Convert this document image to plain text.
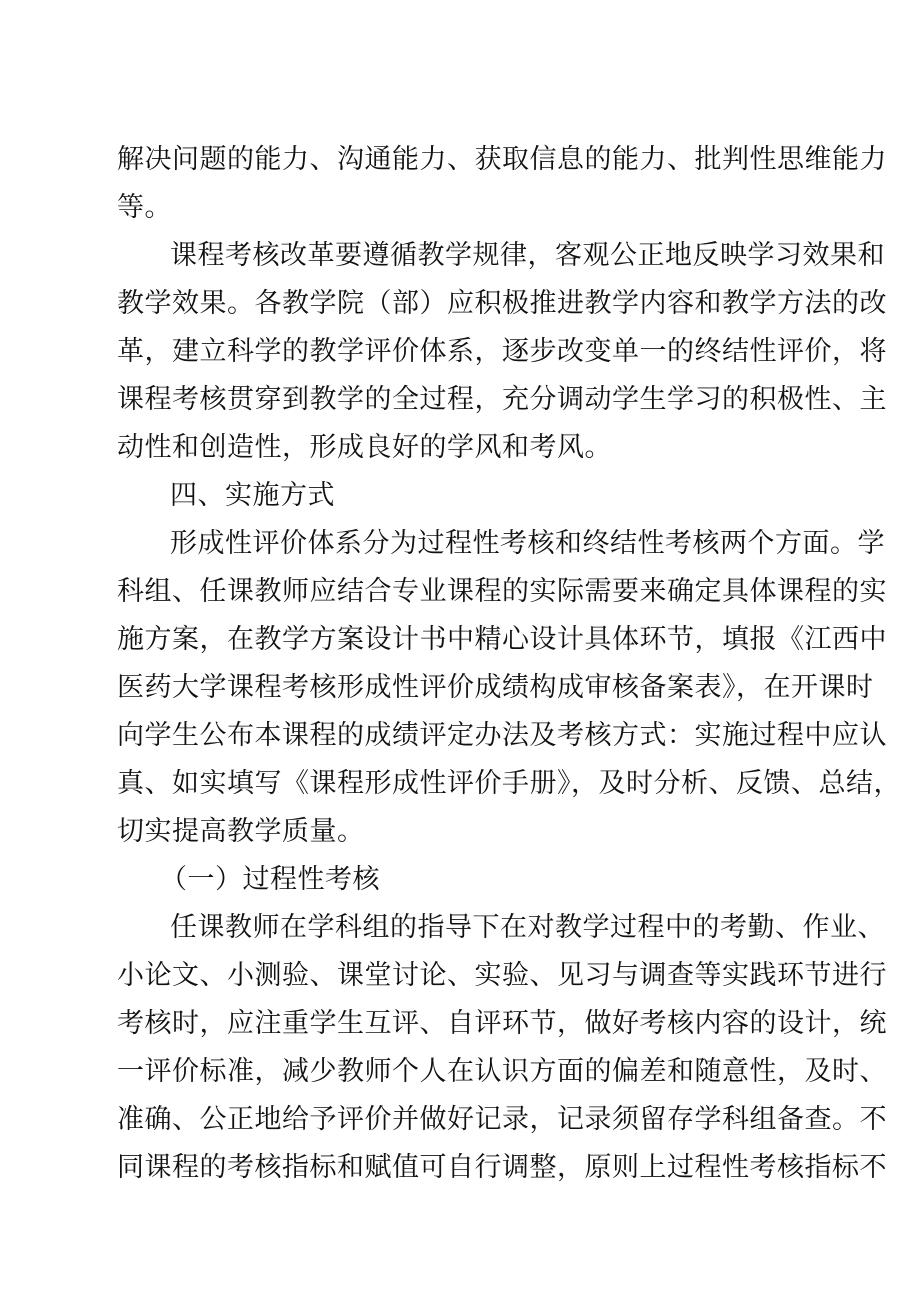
解决问题的能力、沟通能力、获取信息的能力、批判性思维能力
等。
课程考核改革要遵循教学规律，客观公正地反映学习效果和
教学效果。各教学院（部）应积极推进教学内容和教学方法的改
革，建立科学的教学评价体系，逐步改变单一的终结性评价，将
课程考核贯穿到教学的全过程，充分调动学生学习的积极性、主
动性和创造性，形成良好的学风和考风。
四、实施方式
形成性评价体系分为过程性考核和终结性考核两个方面。学
科组、任课教师应结合专业课程的实际需要来确定具体课程的实
施方案，在教学方案设计书中精心设计具体环节，填报《江西中
医药大学课程考核形成性评价成绩构成审核备案表》，在开课时
向学生公布本课程的成绩评定办法及考核方式：实施过程中应认
真、如实填写《课程形成性评价手册》，及时分析、反馈、总结，
切实提高教学质量。
（一）过程性考核
任课教师在学科组的指导下在对教学过程中的考勤、作业、
小论文、小测验、课堂讨论、实验、见习与调查等实践环节进行
考核时，应注重学生互评、自评环节，做好考核内容的设计，统
一评价标准，减少教师个人在认识方面的偏差和随意性，及时、
准确、公正地给予评价并做好记录，记录须留存学科组备查。不
同课程的考核指标和赋值可自行调整，原则上过程性考核指标不
